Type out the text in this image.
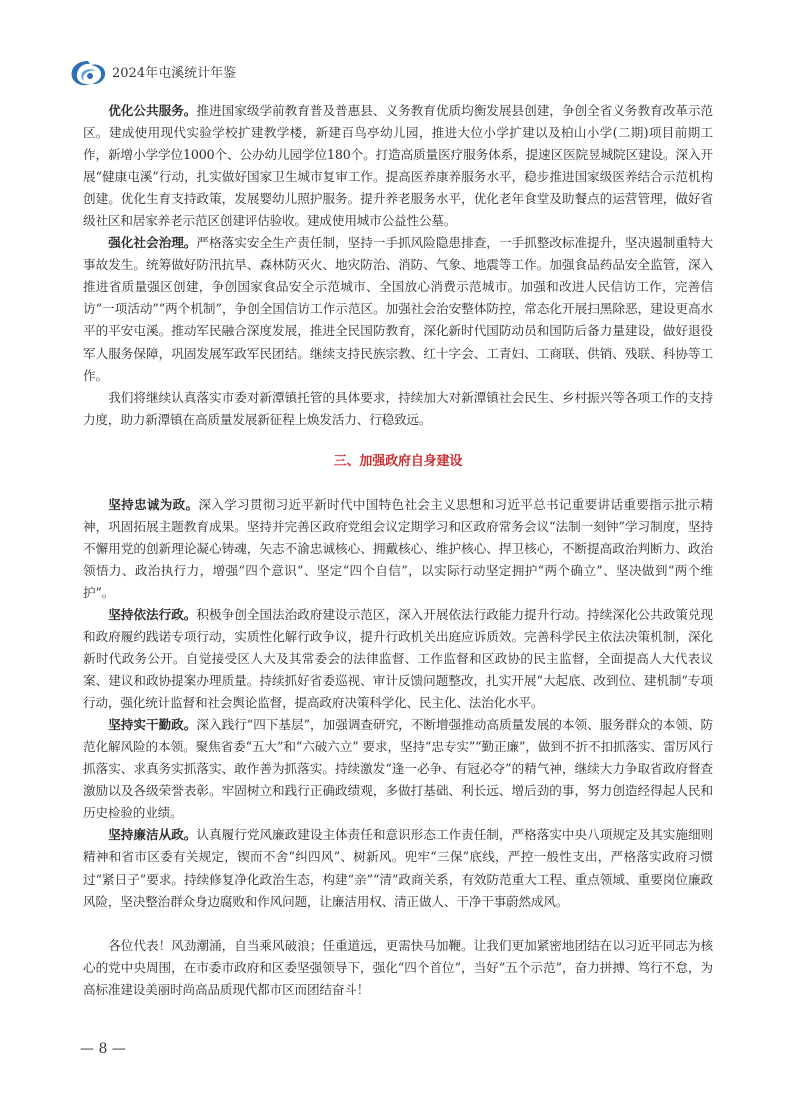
2024年屯溪统计年鉴

优化公共服务。推进国家级学前教育普及普惠县、义务教育优质均衡发展县创建，争创全省义务教育改革示范区。建成使用现代实验学校扩建教学楼，新建百鸟亭幼儿园，推进大位小学扩建以及柏山小学(二期)项目前期工作，新增小学学位1000个、公办幼儿园学位180个。打造高质量医疗服务体系，提速区医院昱城院区建设。深入开展“健康屯溪”行动，扎实做好国家卫生城市复审工作。提高医养康养服务水平，稳步推进国家级医养结合示范机构创建。优化生育支持政策，发展婴幼儿照护服务。提升养老服务水平，优化老年食堂及助餐点的运营管理，做好省级社区和居家养老示范区创建评估验收。建成使用城市公益性公墓。

强化社会治理。严格落实安全生产责任制，坚持一手抓风险隐患排查，一手抓整改标准提升，坚决遏制重特大事故发生。统筹做好防汛抗旱、森林防灭火、地灾防治、消防、气象、地震等工作。加强食品药品安全监管，深入推进省质量强区创建，争创国家食品安全示范城市、全国放心消费示范城市。加强和改进人民信访工作，完善信访“一项活动”“两个机制”，争创全国信访工作示范区。加强社会治安整体防控，常态化开展扫黑除恶，建设更高水平的平安屯溪。推动军民融合深度发展，推进全民国防教育，深化新时代国防动员和国防后备力量建设，做好退役军人服务保障，巩固发展军政军民团结。继续支持民族宗教、红十字会、工青妇、工商联、供销、残联、科协等工作。

我们将继续认真落实市委对新潭镇托管的具体要求，持续加大对新潭镇社会民生、乡村振兴等各项工作的支持力度，助力新潭镇在高质量发展新征程上焕发活力、行稳致远。

三、加强政府自身建设

坚持忠诚为政。深入学习贯彻习近平新时代中国特色社会主义思想和习近平总书记重要讲话重要指示批示精神，巩固拓展主题教育成果。坚持并完善区政府党组会议定期学习和区政府常务会议“法制一刻钟”学习制度，坚持不懈用党的创新理论凝心铸魂，矢志不渝忠诚核心、拥戴核心、维护核心、捍卫核心，不断提高政治判断力、政治领悟力、政治执行力，增强“四个意识”、坚定“四个自信”，以实际行动坚定拥护“两个确立”、坚决做到“两个维护”。

坚持依法行政。积极争创全国法治政府建设示范区，深入开展依法行政能力提升行动。持续深化公共政策兑现和政府履约践诺专项行动，实质性化解行政争议，提升行政机关出庭应诉质效。完善科学民主依法决策机制，深化新时代政务公开。自觉接受区人大及其常委会的法律监督、工作监督和区政协的民主监督，全面提高人大代表议案、建议和政协提案办理质量。持续抓好省委巡视、审计反馈问题整改，扎实开展“大起底、改到位、建机制”专项行动，强化统计监督和社会舆论监督，提高政府决策科学化、民主化、法治化水平。

坚持实干勤政。深入践行“四下基层”，加强调查研究，不断增强推动高质量发展的本领、服务群众的本领、防范化解风险的本领。聚焦省委“五大”和“六破六立” 要求，坚持“忠专实”“勤正廉”，做到不折不扣抓落实、雷厉风行抓落实、求真务实抓落实、敢作善为抓落实。持续激发“逢一必争、有冠必夺”的精气神，继续大力争取省政府督查激励以及各级荣誉表彰。牢固树立和践行正确政绩观，多做打基础、利长远、增后劲的事，努力创造经得起人民和历史检验的业绩。

坚持廉洁从政。认真履行党风廉政建设主体责任和意识形态工作责任制，严格落实中央八项规定及其实施细则精神和省市区委有关规定，锲而不舍“纠四风”、树新风。兜牢“三保”底线，严控一般性支出，严格落实政府习惯过“紧日子”要求。持续修复净化政治生态，构建“亲”“清”政商关系，有效防范重大工程、重点领域、重要岗位廉政风险，坚决整治群众身边腐败和作风问题，让廉洁用权、清正做人、干净干事蔚然成风。

各位代表！风劲潮涌，自当乘风破浪；任重道远，更需快马加鞭。让我们更加紧密地团结在以习近平同志为核心的党中央周围，在市委市政府和区委坚强领导下，强化“四个首位”，当好“五个示范”，奋力拼搏、笃行不怠，为高标准建设美丽时尚高品质现代都市区而团结奋斗！

— 8 —
